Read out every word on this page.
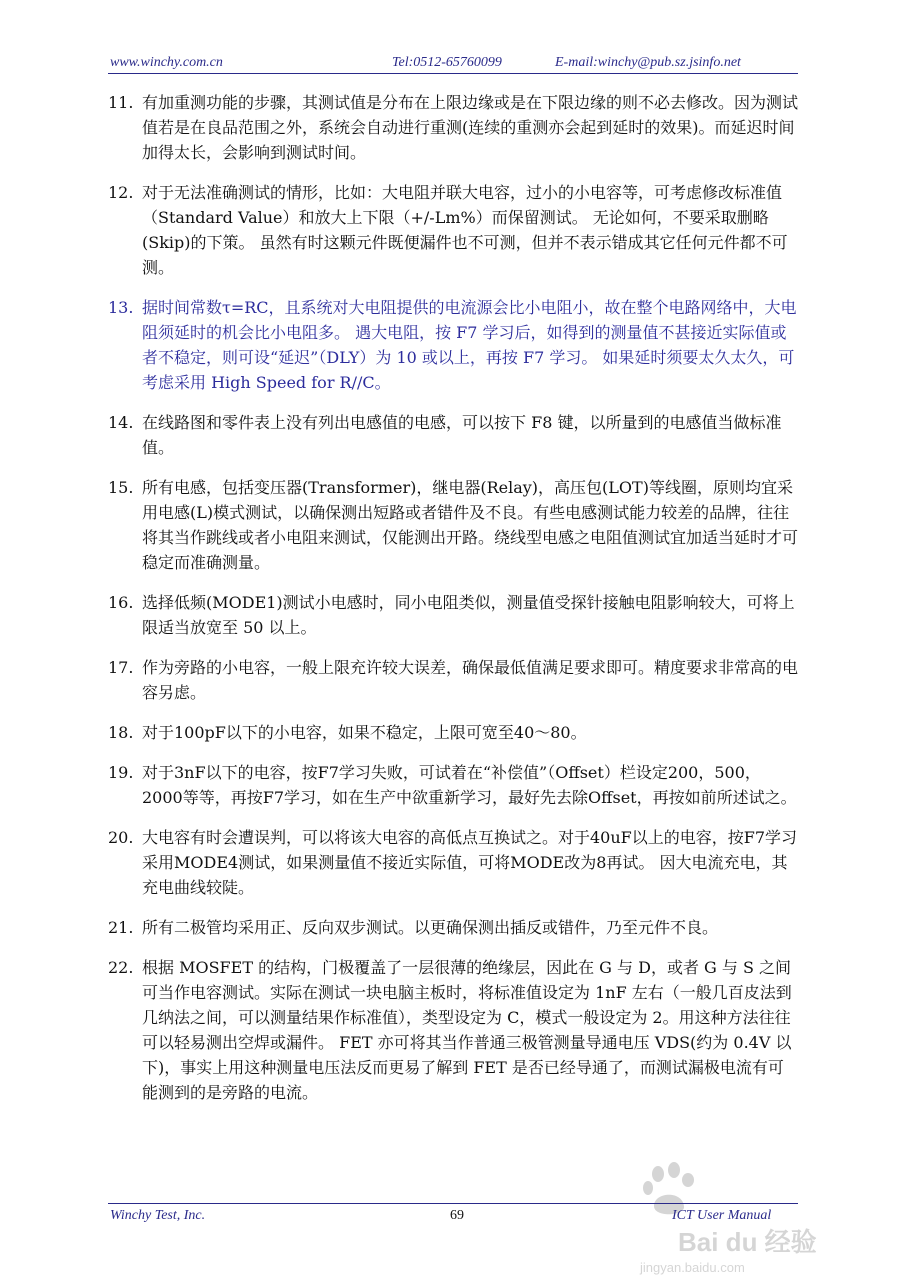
www.winchy.com.cn	Tel:0512-65760099	E-mail:winchy@pub.sz.jsinfo.net
11. 有加重测功能的步骤，其测试值是分布在上限边缘或是在下限边缘的则不必去修改。因为测试值若是在良品范围之外，系统会自动进行重测(连续的重测亦会起到延时的效果)。而延迟时间加得太长，会影响到测试时间。
12. 对于无法准确测试的情形，比如：大电阻并联大电容，过小的小电容等，可考虑修改标准值（Standard Value）和放大上下限（+/-Lm%）而保留测试。 无论如何，不要采取删略(Skip)的下策。 虽然有时这颗元件既便漏件也不可测，但并不表示错成其它任何元件都不可测。
13. 据时间常数τ=RC，且系统对大电阻提供的电流源会比小电阻小，故在整个电路网络中，大电阻须延时的机会比小电阻多。 遇大电阻，按 F7 学习后，如得到的测量值不甚接近实际值或者不稳定，则可设“延迟”（DLY）为 10 或以上，再按 F7 学习。 如果延时须要太久太久，可考虑采用 High Speed for R//C。
14. 在线路图和零件表上没有列出电感值的电感，可以按下 F8 键，以所量到的电感值当做标准值。
15. 所有电感，包括变压器(Transformer)，继电器(Relay)，高压包(LOT)等线圈，原则均宜采用电感(L)模式测试，以确保测出短路或者错件及不良。有些电感测试能力较差的品牌，往往将其当作跳线或者小电阻来测试，仅能测出开路。绕线型电感之电阻值测试宜加适当延时才可稳定而准确测量。
16. 选择低频(MODE1)测试小电感时，同小电阻类似，测量值受探针接触电阻影响较大，可将上限适当放宽至 50 以上。
17. 作为旁路的小电容，一般上限充许较大误差，确保最低值满足要求即可。精度要求非常高的电容另虑。
18. 对于100pF以下的小电容，如果不稳定，上限可宽至40～80。
19. 对于3nF以下的电容，按F7学习失败，可试着在“补偿值”（Offset）栏设定200，500，2000等等，再按F7学习，如在生产中欲重新学习，最好先去除Offset，再按如前所述试之。
20. 大电容有时会遭误判，可以将该大电容的高低点互换试之。对于40uF以上的电容，按F7学习采用MODE4测试，如果测量值不接近实际值，可将MODE改为8再试。 因大电流充电，其充电曲线较陡。
21. 所有二极管均采用正、反向双步测试。以更确保测出插反或错件，乃至元件不良。
22. 根据 MOSFET 的结构，门极覆盖了一层很薄的绝缘层，因此在 G 与 D，或者 G 与 S 之间可当作电容测试。实际在测试一块电脑主板时，将标准值设定为 1nF 左右（一般几百皮法到几纳法之间，可以测量结果作标准值），类型设定为 C，模式一般设定为 2。用这种方法往往可以轻易测出空焊或漏件。 FET 亦可将其当作普通三极管测量导通电压 VDS(约为 0.4V 以下)，事实上用这种测量电压法反而更易了解到 FET 是否已经导通了，而测试漏极电流有可能测到的是旁路的电流。
Bai du 经验
jingyan.baidu.com
Winchy Test, Inc.	69	ICT User Manual
